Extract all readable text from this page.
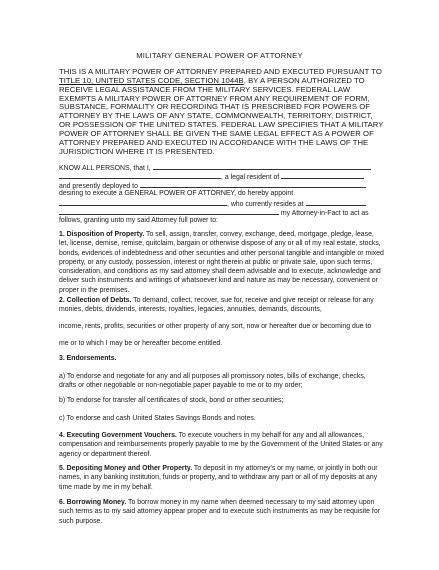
MILITARY GENERAL POWER OF ATTORNEY
THIS IS A MILITARY POWER OF ATTORNEY PREPARED AND EXECUTED PURSUANT TO TITLE 10, UNITED STATES CODE, SECTION 1044B, BY A PERSON AUTHORIZED TO RECEIVE LEGAL ASSISTANCE FROM THE MILITARY SERVICES. FEDERAL LAW EXEMPTS A MILITARY POWER OF ATTORNEY FROM ANY REQUIREMENT OF FORM, SUBSTANCE, FORMALITY OR RECORDING THAT IS PRESCRIBED FOR POWERS OF ATTORNEY BY THE LAWS OF ANY STATE, COMMONWEALTH, TERRITORY, DISTRICT, OR POSSESSION OF THE UNITED STATES. FEDERAL LAW SPECIFIES THAT A MILITARY POWER OF ATTORNEY SHALL BE GIVEN THE SAME LEGAL EFFECT AS A POWER OF ATTORNEY PREPARED AND EXECUTED IN ACCORDANCE WITH THE LAWS OF THE JURISDICTION WHERE IT IS PRESENTED.
KNOW ALL PERSONS, that I,
, a legal resident of
and presently deployed to
desiring to execute a GENERAL POWER OF ATTORNEY, do hereby appoint
, who currently resides at
my Attorney-in-Fact to act as
follows, granting unto my said Attorney full power to:
1. Disposition of Property. To sell, assign, transfer, convey, exchange, deed, mortgage, pledge, lease, let, license, demise, remise, quitclaim, bargain or otherwise dispose of any or all of my real estate, stocks, bonds, evidences of indebtedness and other securities and other personal tangible and intangible or mixed property, or any custody, possession, interest or right therein at public or private sale, upon such terms, consideration, and conditions as my said attorney shall deem advisable and to execute, acknowledge and deliver such instruments and writings of whatsoever kind and nature as may be necessary, convenient or proper in the premises.
2. Collection of Debts. To demand, collect, recover, sue for, receive and give receipt or release for any monies, debts, dividends, interests, royalties, legacies, annuities, demands, discounts,
income, rents, profits, securities or other property of any sort, now or hereafter due or becoming due to
me or to which I may be or hereafter become entitled.
3. Endorsements.
a) To endorse and negotiate for any and all purposes all promissory notes, bills of exchange, checks, drafts or other negotiable or non-negotiable paper payable to me or to my order;
b) To endorse for transfer all certificates of stock, bond or other securities;
c) To endorse and cash United States Savings Bonds and notes.
4. Executing Government Vouchers. To execute vouchers in my behalf for any and all allowances, compensation and reimbursements properly payable to me by the Government of the United States or any agency or department thereof.
5. Depositing Money and Other Property. To deposit in my attorney's or my name, or jointly in both our names, in any banking institution, funds or property, and to withdraw any part or all of my deposits at any time made by me in my behalf.
6. Borrowing Money. To borrow money in my name when deemed necessary to my said attorney upon such terms as to my said attorney appear proper and to execute such instruments as may be requisite for such purpose.
